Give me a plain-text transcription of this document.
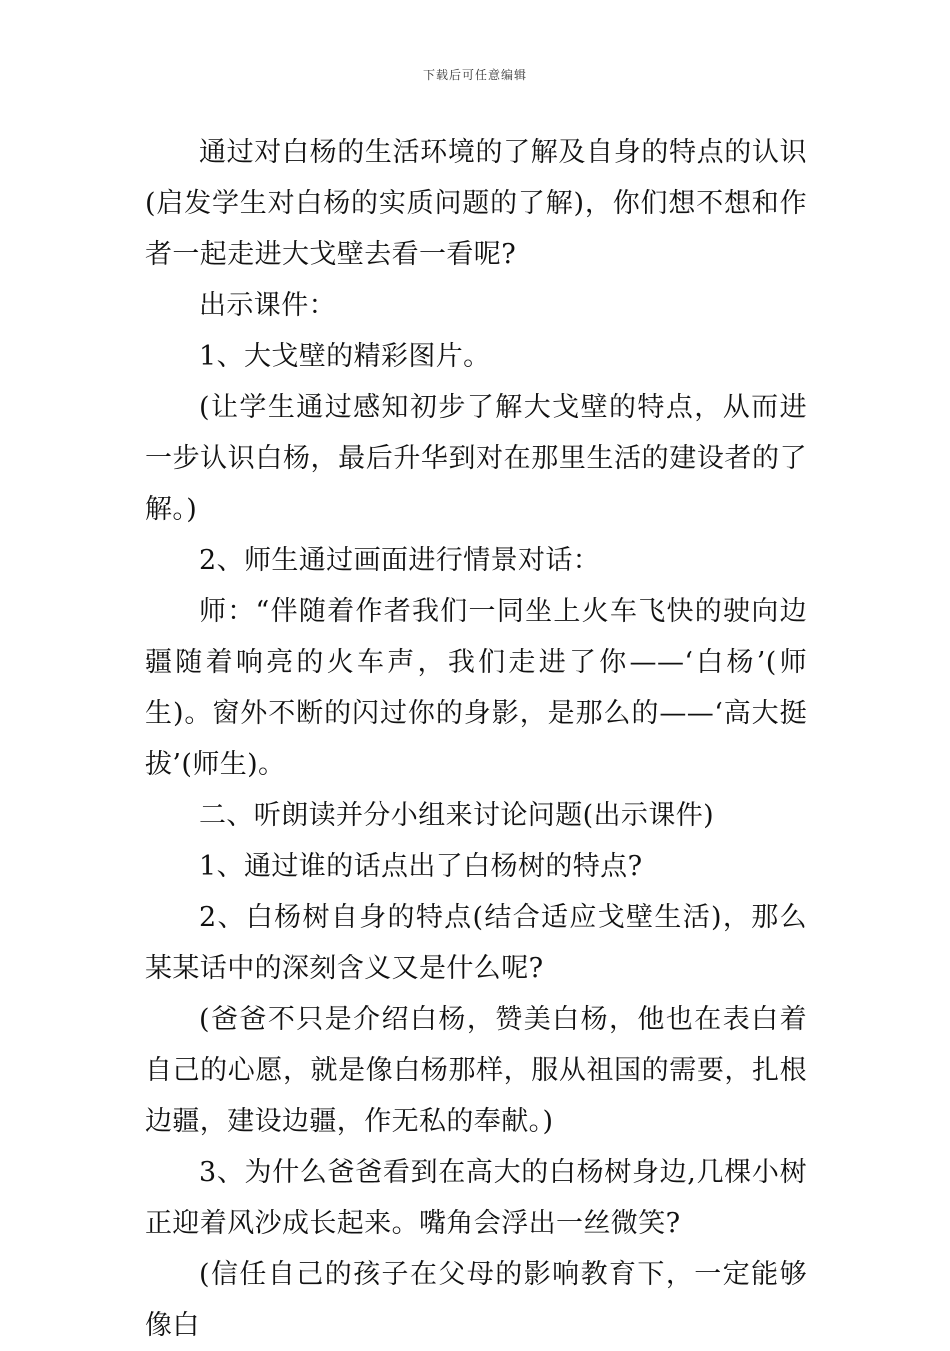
下载后可任意编辑

通过对白杨的生活环境的了解及自身的特点的认识(启发学生对白杨的实质问题的了解)，你们想不想和作者一起走进大戈壁去看一看呢?

出示课件：

1、大戈壁的精彩图片。

(让学生通过感知初步了解大戈壁的特点，从而进一步认识白杨，最后升华到对在那里生活的建设者的了解。)

2、师生通过画面进行情景对话：

师：“伴随着作者我们一同坐上火车飞快的驶向边疆随着响亮的火车声，我们走进了你——‘白杨’(师生)。窗外不断的闪过你的身影，是那么的——‘高大挺拔’(师生)。

二、听朗读并分小组来讨论问题(出示课件)

1、通过谁的话点出了白杨树的特点?

2、白杨树自身的特点(结合适应戈壁生活)，那么某某话中的深刻含义又是什么呢?

(爸爸不只是介绍白杨，赞美白杨，他也在表白着自己的心愿，就是像白杨那样，服从祖国的需要，扎根边疆，建设边疆，作无私的奉献。)

3、为什么爸爸看到在高大的白杨树身边,几棵小树正迎着风沙成长起来。嘴角会浮出一丝微笑?

(信任自己的孩子在父母的影响教育下，一定能够像白
